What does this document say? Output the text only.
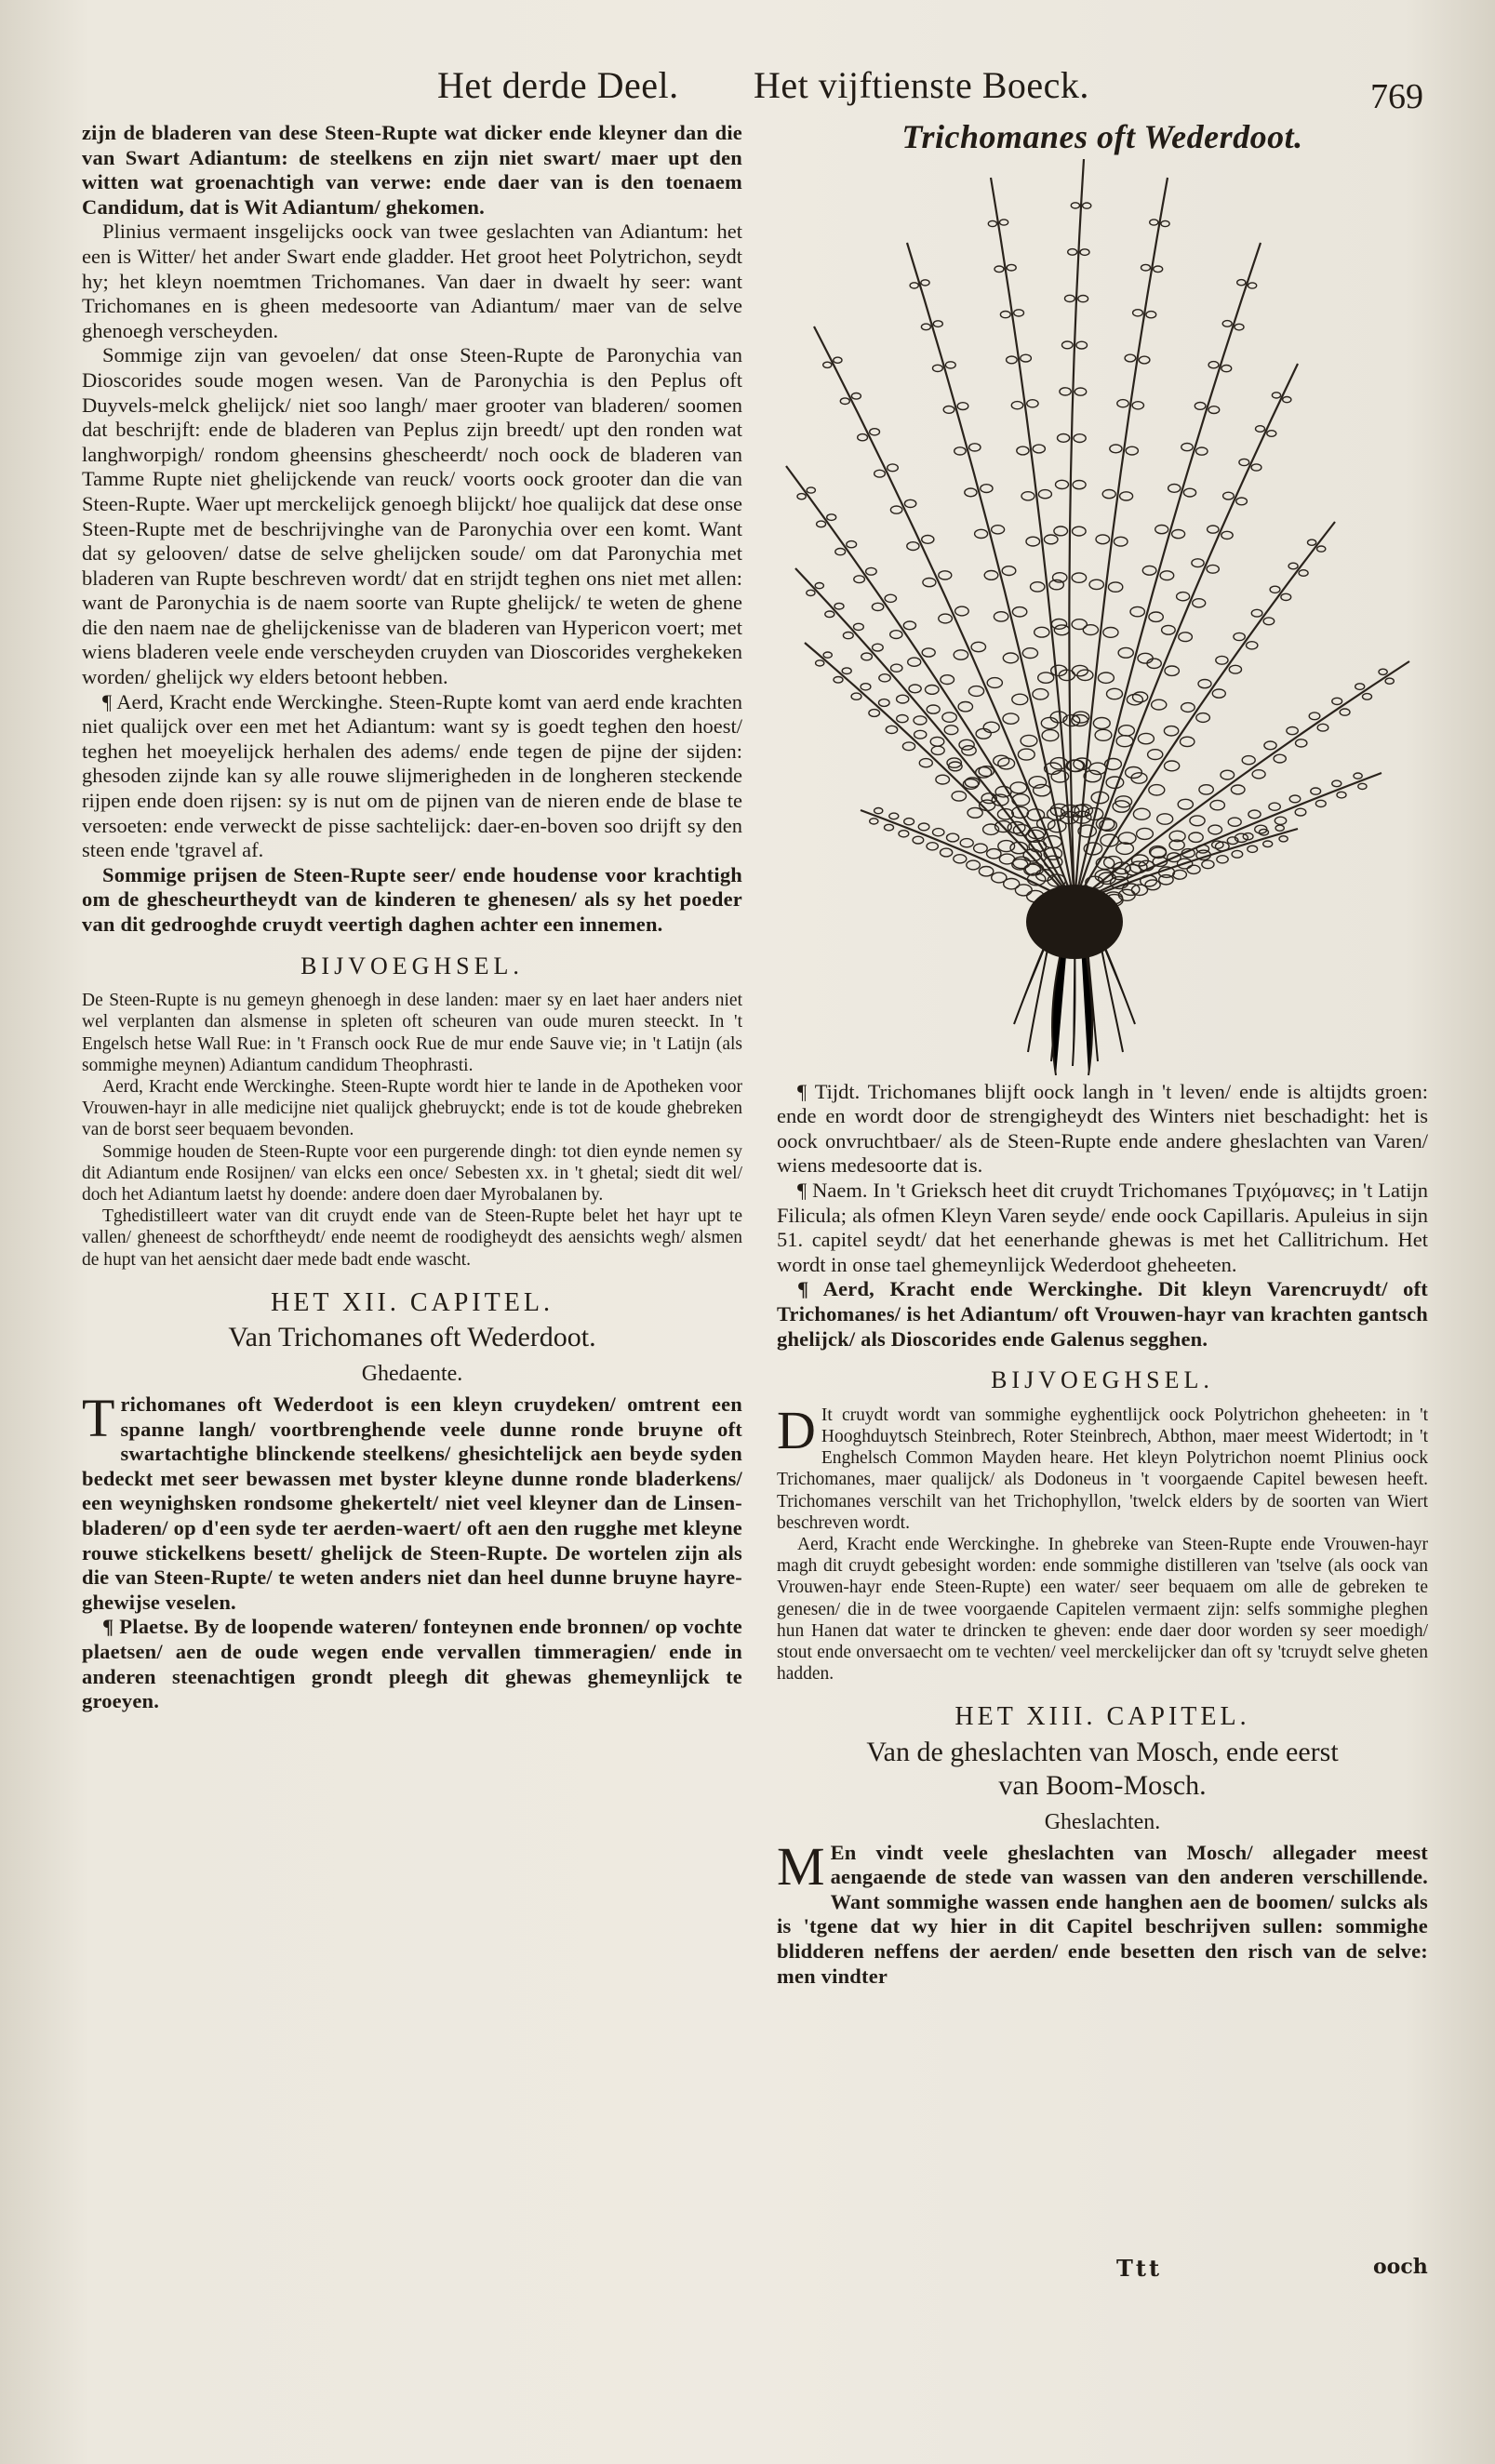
Het derde Deel. Het vijftienste Boeck.	769

zijn de bladeren van dese Steen-Rupte wat dicker ende kleyner dan die van Swart Adiantum: de steelkens en zijn niet swart/ maer upt den witten wat groenachtigh van verwe: ende daer van is den toenaem Candidum, dat is Wit Adiantum/ ghekomen.

Plinius vermaent insgelijcks oock van twee geslachten van Adiantum: het een is Witter/ het ander Swart ende gladder. Het groot heet Polytrichon, seydt hy; het kleyn noemtmen Trichomanes. Van daer in dwaelt hy seer: want Trichomanes en is gheen medesoorte van Adiantum/ maer van de selve ghenoegh verscheyden.

Sommige zijn van gevoelen/ dat onse Steen-Rupte de Paronychia van Dioscorides soude mogen wesen. Van de Paronychia is den Peplus oft Duyvels-melck ghelijck/ niet soo langh/ maer grooter van bladeren/ soomen dat beschrijft: ende de bladeren van Peplus zijn breedt/ upt den ronden wat langhworpigh/ rondom gheensins ghescheerdt/ noch oock de bladeren van Tamme Rupte niet ghelijckende van reuck/ voorts oock grooter dan die van Steen-Rupte. Waer upt merckelijck genoegh blijckt/ hoe qualijck dat dese onse Steen-Rupte met de beschrijvinghe van de Paronychia over een komt. Want dat sy gelooven/ datse de selve ghelijcken soude/ om dat Paronychia met bladeren van Rupte beschreven wordt/ dat en strijdt teghen ons niet met allen: want de Paronychia is de naem soorte van Rupte ghelijck/ te weten de ghene die den naem nae de ghelijckenisse van de bladeren van Hypericon voert; met wiens bladeren veele ende verscheyden cruyden van Dioscorides verghekeken worden/ ghelijck wy elders betoont hebben.

¶ Aerd, Kracht ende Werckinghe. Steen-Rupte komt van aerd ende krachten niet qualijck over een met het Adiantum: want sy is goedt teghen den hoest/ teghen het moeyelijck herhalen des adems/ ende tegen de pijne der sijden: ghesoden zijnde kan sy alle rouwe slijmerigheden in de longheren steckende rijpen ende doen rijsen: sy is nut om de pijnen van de nieren ende de blase te versoeten: ende verweckt de pisse sachtelijck: daer-en-boven soo drijft sy den steen ende 'tgravel af.

Sommige prijsen de Steen-Rupte seer/ ende houdense voor krachtigh om de ghescheurtheydt van de kinderen te ghenesen/ als sy het poeder van dit gedrooghde cruydt veertigh daghen achter een innemen.

BIJVOEGHSEL.

De Steen-Rupte is nu gemeyn ghenoegh in dese landen: maer sy en laet haer anders niet wel verplanten dan alsmense in spleten oft scheuren van oude muren steeckt. In 't Engelsch hetse Wall Rue: in 't Fransch oock Rue de mur ende Sauve vie; in 't Latijn (als sommighe meynen) Adiantum candidum Theophrasti.

Aerd, Kracht ende Werckinghe. Steen-Rupte wordt hier te lande in de Apotheken voor Vrouwen-hayr in alle medicijne niet qualijck ghebruyckt; ende is tot de koude ghebreken van de borst seer bequaem bevonden.

Sommige houden de Steen-Rupte voor een purgerende dingh: tot dien eynde nemen sy dit Adiantum ende Rosijnen/ van elcks een once/ Sebesten xx. in 't ghetal; siedt dit wel/ doch het Adiantum laetst hy doende: andere doen daer Myrobalanen by.

Tghedistilleert water van dit cruydt ende van de Steen-Rupte belet het hayr upt te vallen/ gheneest de schorftheydt/ ende neemt de roodigheydt des aensichts wegh/ alsmen de hupt van het aensicht daer mede badt ende wascht.

HET XII. CAPITEL.
Van Trichomanes oft Wederdoot.
Ghedaente.

Trichomanes oft Wederdoot is een kleyn cruydeken/ omtrent een spanne langh/ voortbrenghende veele dunne ronde bruyne oft swartachtighe blinckende steelkens/ ghesichtelijck aen beyde syden bedeckt met seer bewassen met byster kleyne dunne ronde bladerkens/ een weynighsken rondsome ghekertelt/ niet veel kleyner dan de Linsen-bladeren/ op d'een syde ter aerden-waert/ oft aen den rugghe met kleyne rouwe stickelkens besett/ ghelijck de Steen-Rupte. De wortelen zijn als die van Steen-Rupte/ te weten anders niet dan heel dunne bruyne hayre-ghewijse veselen.

¶ Plaetse. By de loopende wateren/ fonteynen ende bronnen/ op vochte plaetsen/ aen de oude wegen ende vervallen timmeragien/ ende in anderen steenachtigen grondt pleegh dit ghewas ghemeynlijck te groeyen.

Trichomanes oft Wederdoot.

¶ Tijdt. Trichomanes blijft oock langh in 't leven/ ende is altijdts groen: ende en wordt door de strengigheydt des Winters niet beschadight: het is oock onvruchtbaer/ als de Steen-Rupte ende andere gheslachten van Varen/ wiens medesoorte dat is.

¶ Naem. In 't Grieksch heet dit cruydt Trichomanes Τριχόμανες; in 't Latijn Filicula; als ofmen Kleyn Varen seyde/ ende oock Capillaris. Apuleius in sijn 51. capitel seydt/ dat het eenerhande ghewas is met het Callitrichum. Het wordt in onse tael ghemeynlijck Wederdoot gheheeten.

¶ Aerd, Kracht ende Werckinghe. Dit kleyn Varencruydt/ oft Trichomanes/ is het Adiantum/ oft Vrouwen-hayr van krachten gantsch ghelijck/ als Dioscorides ende Galenus segghen.

BIJVOEGHSEL.

D It cruydt wordt van sommighe eyghentlijck oock Polytrichon gheheeten: in 't Hooghduytsch Steinbrech, Roter Steinbrech, Abthon, maer meest Widertodt; in 't Enghelsch Common Mayden heare. Het kleyn Polytrichon noemt Plinius oock Trichomanes, maer qualijck/ als Dodoneus in 't voorgaende Capitel bewesen heeft. Trichomanes verschilt van het Trichophyllon, 'twelck elders by de soorten van Wiert beschreven wordt.

Aerd, Kracht ende Werckinghe. In ghebreke van Steen-Rupte ende Vrouwen-hayr magh dit cruydt gebesight worden: ende sommighe distilleren van 'tselve (als oock van Vrouwen-hayr ende Steen-Rupte) een water/ seer bequaem om alle de gebreken te genesen/ die in de twee voorgaende Capitelen vermaent zijn: selfs sommighe pleghen hun Hanen dat water te drincken te gheven: ende daer door worden sy seer moedigh/ stout ende onversaecht om te vechten/ veel merckelijcker dan oft sy 'tcruydt selve gheten hadden.

HET XIII. CAPITEL.
Van de gheslachten van Mosch, ende eerst
van Boom-Mosch.
Gheslachten.

M En vindt veele gheslachten van Mosch/ allegader meest aengaende de stede van wassen van den anderen verschillende. Want sommighe wassen ende hanghen aen de boomen/ sulcks als is 'tgene dat wy hier in dit Capitel beschrijven sullen: sommighe blidderen neffens der aerden/ ende besetten den risch van de selve: men vindter

Ttt	ooch
